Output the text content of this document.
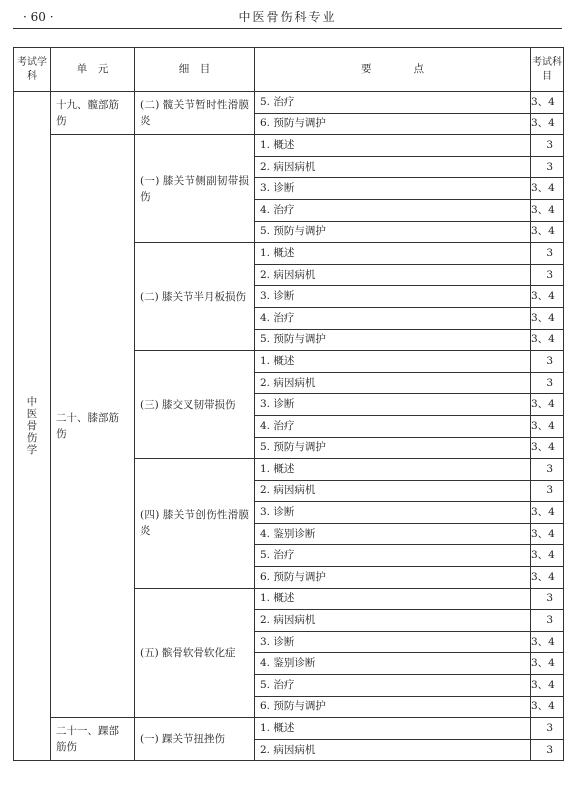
· 60 ·	中医骨伤科专业
考试学科	单　元	细　目	要　　　　点	考试科目
中医骨伤学	十九、髋部筋伤	(二) 髋关节暂时性滑膜炎	5. 治疗	3、4
			6. 预防与调护	3、4
	二十、膝部筋伤	(一) 膝关节侧副韧带损伤	1. 概述	3
			2. 病因病机	3
			3. 诊断	3、4
			4. 治疗	3、4
			5. 预防与调护	3、4
		(二) 膝关节半月板损伤	1. 概述	3
			2. 病因病机	3
			3. 诊断	3、4
			4. 治疗	3、4
			5. 预防与调护	3、4
		(三) 膝交叉韧带损伤	1. 概述	3
			2. 病因病机	3
			3. 诊断	3、4
			4. 治疗	3、4
			5. 预防与调护	3、4
		(四) 膝关节创伤性滑膜炎	1. 概述	3
			2. 病因病机	3
			3. 诊断	3、4
			4. 鉴别诊断	3、4
			5. 治疗	3、4
			6. 预防与调护	3、4
		(五) 髌骨软骨软化症	1. 概述	3
			2. 病因病机	3
			3. 诊断	3、4
			4. 鉴别诊断	3、4
			5. 治疗	3、4
			6. 预防与调护	3、4
	二十一、踝部筋伤	(一) 踝关节扭挫伤	1. 概述	3
			2. 病因病机	3
